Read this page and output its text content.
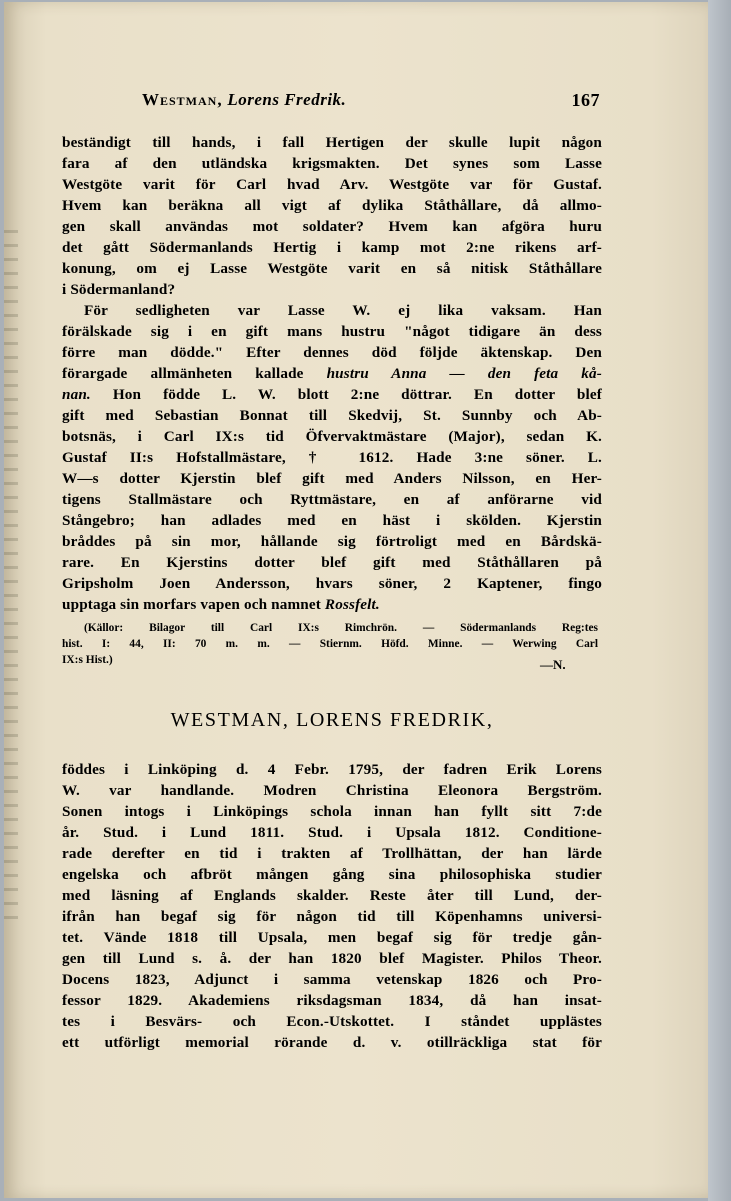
Westman, Lorens Fredrik.	167
beständigt till hands, i fall Hertigen der skulle lupit någon
fara af den utländska krigsmakten. Det synes som Lasse
Westgöte varit för Carl hvad Arv. Westgöte var för Gustaf.
Hvem kan beräkna all vigt af dylika Ståthållare, då allmo-
gen skall användas mot soldater? Hvem kan afgöra huru
det gått Södermanlands Hertig i kamp mot 2:ne rikens arf-
konung, om ej Lasse Westgöte varit en så nitisk Ståthållare
i Södermanland?
För sedligheten var Lasse W. ej lika vaksam. Han
förälskade sig i en gift mans hustru "något tidigare än dess
förre man dödde." Efter dennes död följde äktenskap. Den
förargade allmänheten kallade hustru Anna — den feta kå-
nan. Hon födde L. W. blott 2:ne döttrar. En dotter blef
gift med Sebastian Bonnat till Skedvij, St. Sunnby och Ab-
botsnäs, i Carl IX:s tid Öfvervaktmästare (Major), sedan K.
Gustaf II:s Hofstallmästare, † 1612. Hade 3:ne söner. L.
W—s dotter Kjerstin blef gift med Anders Nilsson, en Her-
tigens Stallmästare och Ryttmästare, en af anförarne vid
Stångebro; han adlades med en häst i skölden. Kjerstin
bråddes på sin mor, hållande sig förtroligt med en Bårdskä-
rare. En Kjerstins dotter blef gift med Ståthållaren på
Gripsholm Joen Andersson, hvars söner, 2 Kaptener, fingo
upptaga sin morfars vapen och namnet Rossfelt.
(Källor: Bilagor till Carl IX:s Rimchrön. — Södermanlands Reg:tes
hist. I: 44, II: 70 m. m. — Stiernm. Höfd. Minne. — Werwing Carl
IX:s Hist.)	—N.
WESTMAN, LORENS FREDRIK,
föddes i Linköping d. 4 Febr. 1795, der fadren Erik Lorens
W. var handlande. Modren Christina Eleonora Bergström.
Sonen intogs i Linköpings schola innan han fyllt sitt 7:de
år. Stud. i Lund 1811. Stud. i Upsala 1812. Conditione-
rade derefter en tid i trakten af Trollhättan, der han lärde
engelska och afbröt mången gång sina philosophiska studier
med läsning af Englands skalder. Reste åter till Lund, der-
ifrån han begaf sig för någon tid till Köpenhamns universi-
tet. Vände 1818 till Upsala, men begaf sig för tredje gån-
gen till Lund s. å. der han 1820 blef Magister. Philos Theor.
Docens 1823, Adjunct i samma vetenskap 1826 och Pro-
fessor 1829. Akademiens riksdagsman 1834, då han insat-
tes i Besvärs- och Econ.-Utskottet. I ståndet upplästes
ett utförligt memorial rörande d. v. otillräckliga stat för
